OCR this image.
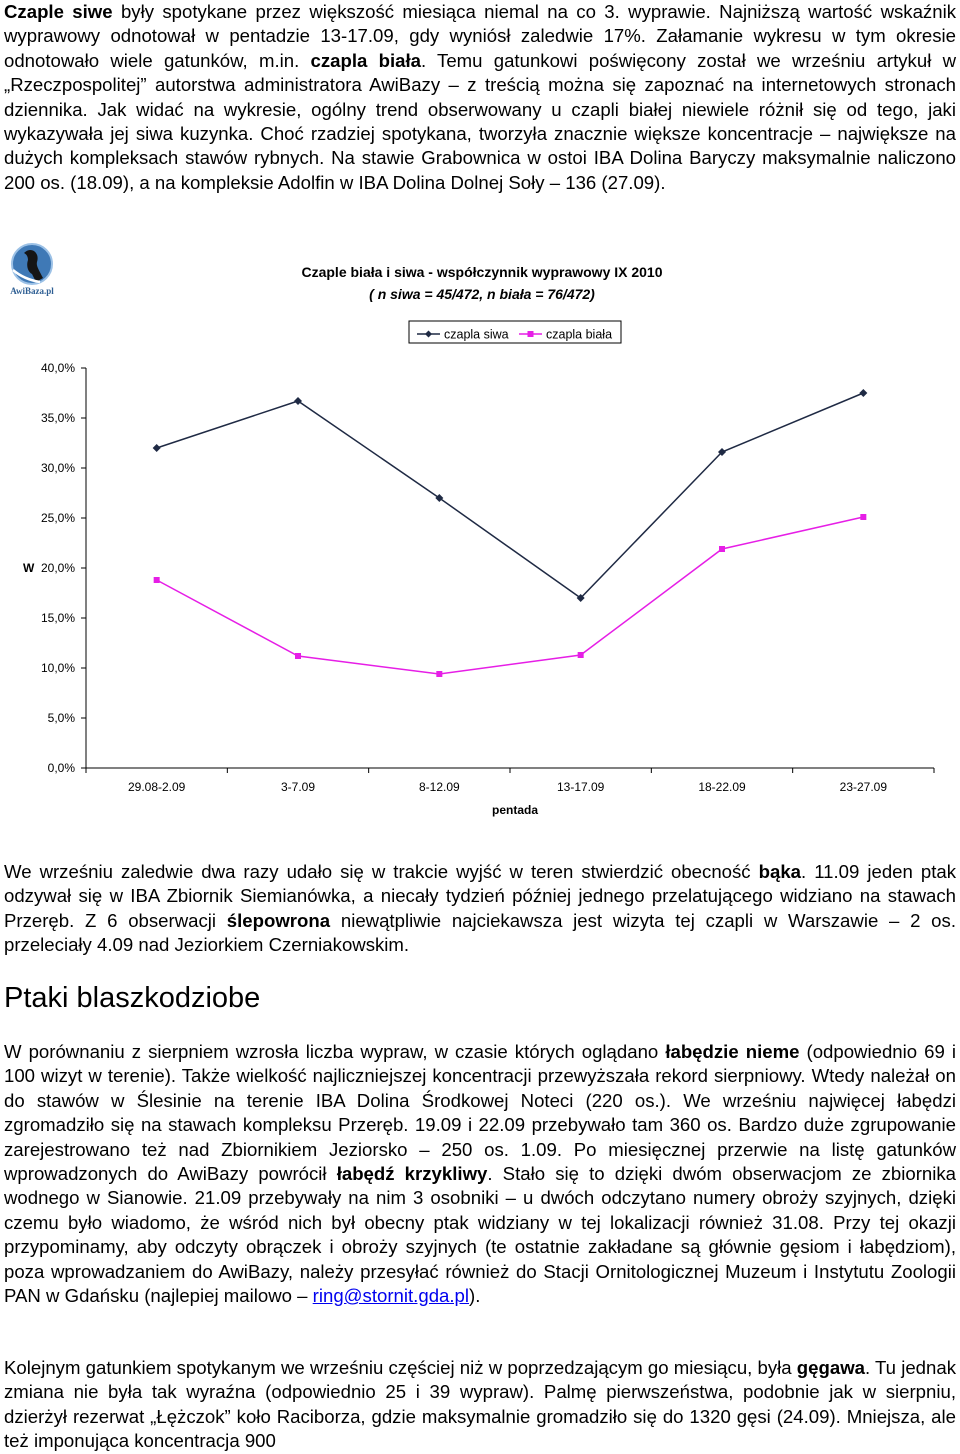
Czaple siwe były spotykane przez większość miesiąca niemal na co 3. wyprawie. Najniższą wartość wskaźnik wyprawowy odnotował w pentadzie 13-17.09, gdy wyniósł zaledwie 17%. Załamanie wykresu w tym okresie odnotowało wiele gatunków, m.in. czapla biała. Temu gatunkowi poświęcony został we wrześniu artykuł w „Rzeczpospolitej” autorstwa administratora AwiBazy – z treścią można się zapoznać na internetowych stronach dziennika. Jak widać na wykresie, ogólny trend obserwowany u czapli białej niewiele różnił się od tego, jaki wykazywała jej siwa kuzynka. Choć rzadziej spotykana, tworzyła znacznie większe koncentracje – największe na dużych kompleksach stawów rybnych. Na stawie Grabownica w ostoi IBA Dolina Baryczy maksymalnie naliczono 200 os. (18.09), a na kompleksie Adolfin w IBA Dolina Dolnej Soły – 136 (27.09).
AwiBaza.pl
Czaple biała i siwa - współczynnik wyprawowy IX 2010
( n siwa = 45/472, n biała = 76/472)
czapla siwa	czapla biała
0,0%
5,0%
10,0%
15,0%
20,0%
25,0%
30,0%
35,0%
40,0%
29.08-2.09	3-7.09	8-12.09	13-17.09	18-22.09	23-27.09
W
pentada
We wrześniu zaledwie dwa razy udało się w trakcie wyjść w teren stwierdzić obecność bąka. 11.09 jeden ptak odzywał się w IBA Zbiornik Siemianówka, a niecały tydzień później jednego przelatującego widziano na stawach Przeręb. Z 6 obserwacji ślepowrona niewątpliwie najciekawsza jest wizyta tej czapli w Warszawie – 2 os. przeleciały 4.09 nad Jeziorkiem Czerniakowskim.
Ptaki blaszkodziobe
W porównaniu z sierpniem wzrosła liczba wypraw, w czasie których oglądano łabędzie nieme (odpowiednio 69 i 100 wizyt w terenie). Także wielkość najliczniejszej koncentracji przewyższała rekord sierpniowy. Wtedy należał on do stawów w Ślesinie na terenie IBA Dolina Środkowej Noteci (220 os.). We wrześniu najwięcej łabędzi zgromadziło się na stawach kompleksu Przeręb. 19.09 i 22.09 przebywało tam 360 os. Bardzo duże zgrupowanie zarejestrowano też nad Zbiornikiem Jeziorsko – 250 os. 1.09. Po miesięcznej przerwie na listę gatunków wprowadzonych do AwiBazy powrócił łabędź krzykliwy. Stało się to dzięki dwóm obserwacjom ze zbiornika wodnego w Sianowie. 21.09 przebywały na nim 3 osobniki – u dwóch odczytano numery obroży szyjnych, dzięki czemu było wiadomo, że wśród nich był obecny ptak widziany w tej lokalizacji również 31.08. Przy tej okazji przypominamy, aby odczyty obrączek i obroży szyjnych (te ostatnie zakładane są głównie gęsiom i łabędziom), poza wprowadzaniem do AwiBazy, należy przesyłać również do Stacji Ornitologicznej Muzeum i Instytutu Zoologii PAN w Gdańsku (najlepiej mailowo – ring@stornit.gda.pl).
Kolejnym gatunkiem spotykanym we wrześniu częściej niż w poprzedzającym go miesiącu, była gęgawa. Tu jednak zmiana nie była tak wyraźna (odpowiednio 25 i 39 wypraw). Palmę pierwszeństwa, podobnie jak w sierpniu, dzierżył rezerwat „Łężczok” koło Raciborza, gdzie maksymalnie gromadziło się do 1320 gęsi (24.09). Mniejsza, ale też imponująca koncentracja 900
